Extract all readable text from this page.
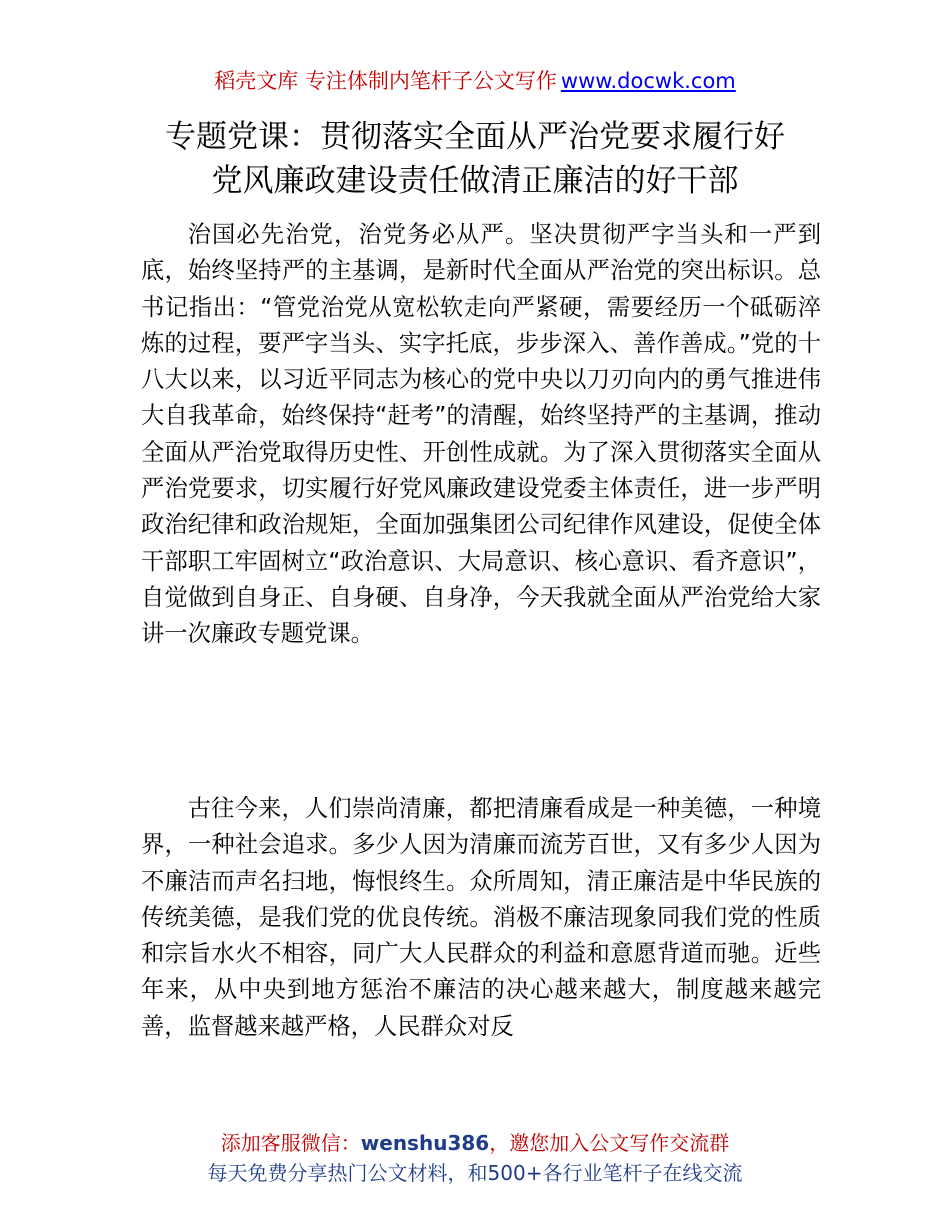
稻壳文库 专注体制内笔杆子公文写作 www.docwk.com
专题党课：贯彻落实全面从严治党要求履行好
党风廉政建设责任做清正廉洁的好干部

治国必先治党，治党务必从严。坚决贯彻严字当头和一严到底，始终坚持严的主基调，是新时代全面从严治党的突出标识。总书记指出：“管党治党从宽松软走向严紧硬，需要经历一个砥砺淬炼的过程，要严字当头、实字托底，步步深入、善作善成。”党的十八大以来，以习近平同志为核心的党中央以刀刃向内的勇气推进伟大自我革命，始终保持“赶考”的清醒，始终坚持严的主基调，推动全面从严治党取得历史性、开创性成就。为了深入贯彻落实全面从严治党要求，切实履行好党风廉政建设党委主体责任，进一步严明政治纪律和政治规矩，全面加强集团公司纪律作风建设，促使全体干部职工牢固树立“政治意识、大局意识、核心意识、看齐意识”，自觉做到自身正、自身硬、自身净，今天我就全面从严治党给大家讲一次廉政专题党课。

古往今来，人们崇尚清廉，都把清廉看成是一种美德，一种境界，一种社会追求。多少人因为清廉而流芳百世，又有多少人因为不廉洁而声名扫地，悔恨终生。众所周知，清正廉洁是中华民族的传统美德，是我们党的优良传统。消极不廉洁现象同我们党的性质和宗旨水火不相容，同广大人民群众的利益和意愿背道而驰。近些年来，从中央到地方惩治不廉洁的决心越来越大，制度越来越完善，监督越来越严格，人民群众对反

添加客服微信：wenshu386，邀您加入公文写作交流群
每天免费分享热门公文材料，和500+各行业笔杆子在线交流
